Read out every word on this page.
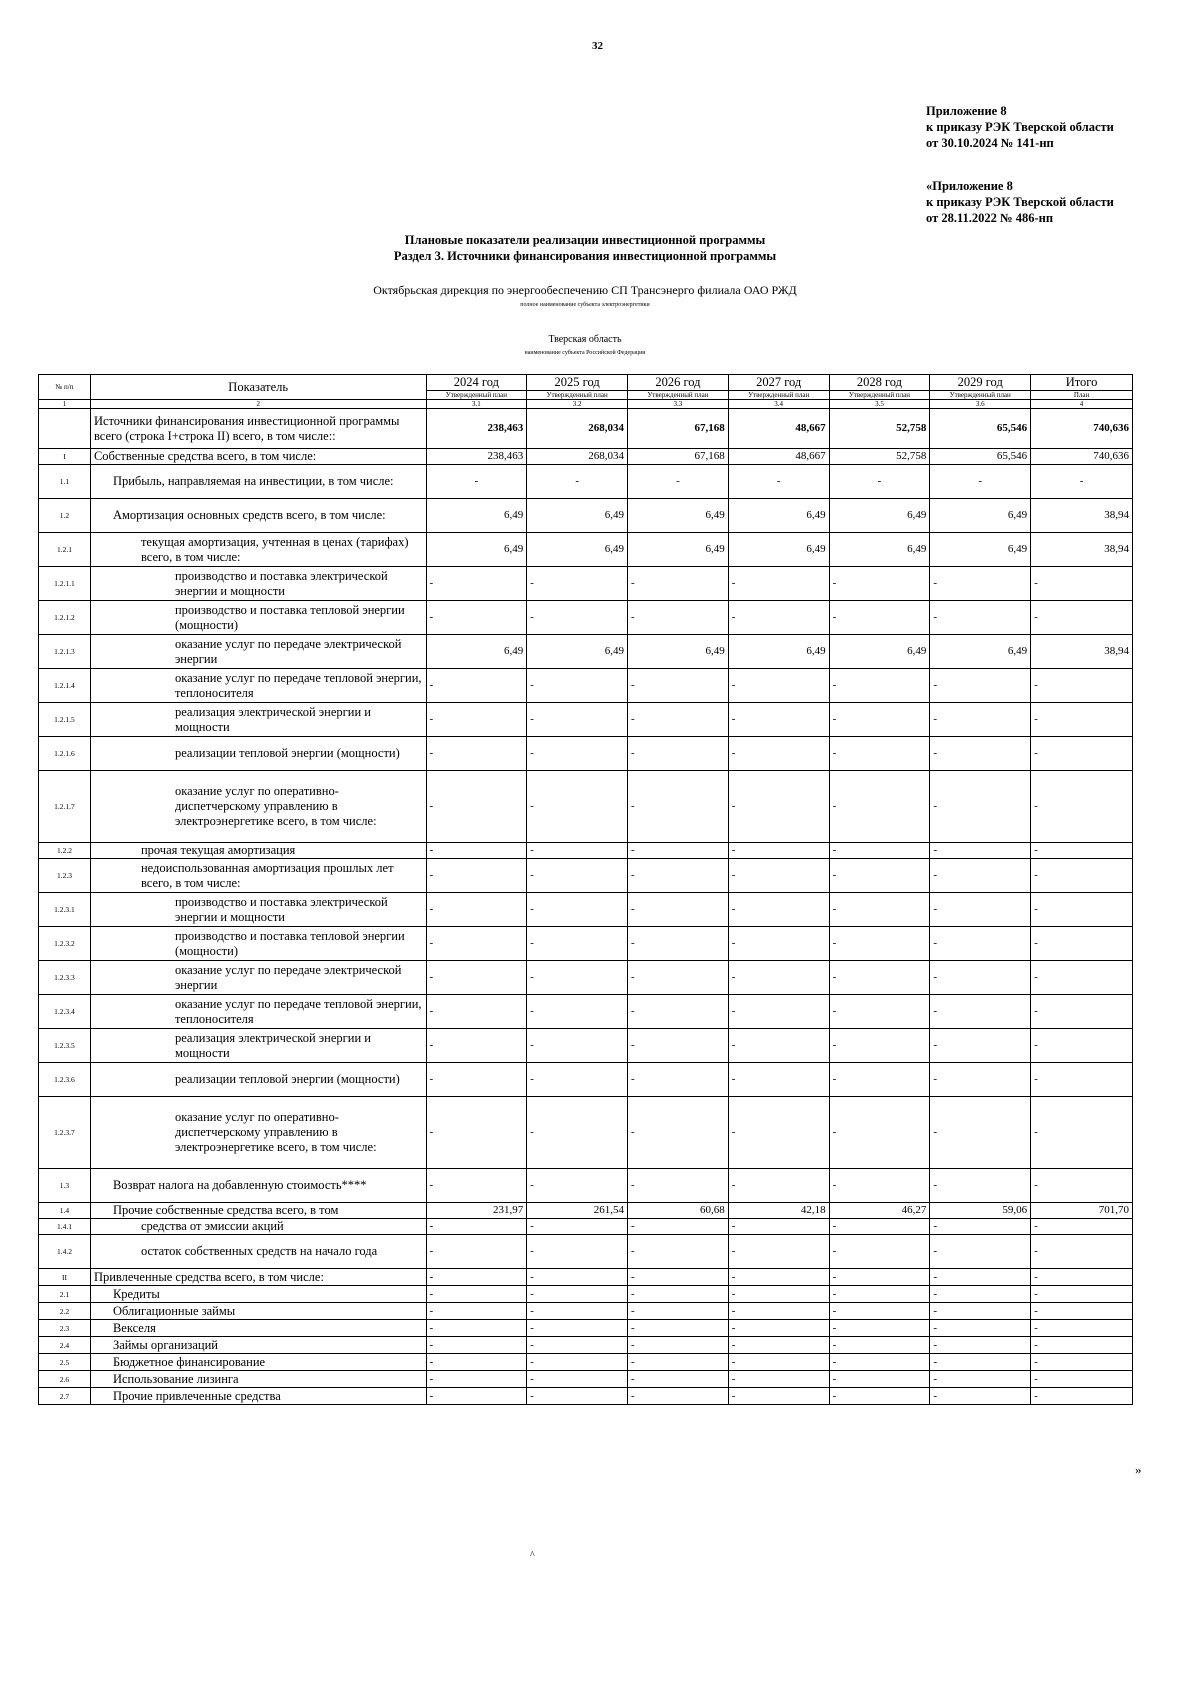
32
Приложение 8
к приказу РЭК Тверской области
от 30.10.2024 № 141-нп
«Приложение 8
к приказу РЭК Тверской области
от 28.11.2022 № 486-нп
Плановые показатели реализации инвестиционной программы
Раздел 3. Источники финансирования инвестиционной программы
Октябрьская дирекция по энергообеспечению СП Трансэнерго филиала ОАО РЖД
полное наименование субъекта электроэнергетики
Тверская область
наименование субъекта Российской Федерации
№ п/п	Показатель	2024 год	2025 год	2026 год	2027 год	2028 год	2029 год	Итого
		Утвержденный план	Утвержденный план	Утвержденный план	Утвержденный план	Утвержденный план	Утвержденный план	План
1	2	3.1	3.2	3.3	3.4	3.5	3.6	4
	Источники финансирования инвестиционной программы всего (строка I+строка II) всего, в том числе::	238,463	268,034	67,168	48,667	52,758	65,546	740,636
I	Собственные средства всего, в том числе:	238,463	268,034	67,168	48,667	52,758	65,546	740,636
1.1	Прибыль, направляемая на инвестиции, в том числе:	-	-	-	-	-	-	-
1.2	Амортизация основных средств всего, в том числе:	6,49	6,49	6,49	6,49	6,49	6,49	38,94
1.2.1	текущая амортизация, учтенная в ценах (тарифах) всего, в том числе:	6,49	6,49	6,49	6,49	6,49	6,49	38,94
1.2.1.1	производство и поставка электрической энергии и мощности	-	-	-	-	-	-	-
1.2.1.2	производство и поставка тепловой энергии (мощности)	-	-	-	-	-	-	-
1.2.1.3	оказание услуг по передаче электрической энергии	6,49	6,49	6,49	6,49	6,49	6,49	38,94
1.2.1.4	оказание услуг по передаче тепловой энергии, теплоносителя	-	-	-	-	-	-	-
1.2.1.5	реализация электрической энергии и мощности	-	-	-	-	-	-	-
1.2.1.6	реализации тепловой энергии (мощности)	-	-	-	-	-	-	-
1.2.1.7	оказание услуг по оперативно-диспетчерскому управлению в электроэнергетике всего, в том числе:	-	-	-	-	-	-	-
1.2.2	прочая текущая амортизация	-	-	-	-	-	-	-
1.2.3	недоиспользованная амортизация прошлых лет всего, в том числе:	-	-	-	-	-	-	-
1.2.3.1	производство и поставка электрической энергии и мощности	-	-	-	-	-	-	-
1.2.3.2	производство и поставка тепловой энергии (мощности)	-	-	-	-	-	-	-
1.2.3.3	оказание услуг по передаче электрической энергии	-	-	-	-	-	-	-
1.2.3.4	оказание услуг по передаче тепловой энергии, теплоносителя	-	-	-	-	-	-	-
1.2.3.5	реализация электрической энергии и мощности	-	-	-	-	-	-	-
1.2.3.6	реализации тепловой энергии (мощности)	-	-	-	-	-	-	-
1.2.3.7	оказание услуг по оперативно-диспетчерскому управлению в электроэнергетике всего, в том числе:	-	-	-	-	-	-	-
1.3	Возврат налога на добавленную стоимость****	-	-	-	-	-	-	-
1.4	Прочие собственные средства всего, в том	231,97	261,54	60,68	42,18	46,27	59,06	701,70
1.4.1	средства от эмиссии акций	-	-	-	-	-	-	-
1.4.2	остаток собственных средств на начало года	-	-	-	-	-	-	-
II	Привлеченные средства всего, в том числе:	-	-	-	-	-	-	-
2.1	Кредиты	-	-	-	-	-	-	-
2.2	Облигационные займы	-	-	-	-	-	-	-
2.3	Векселя	-	-	-	-	-	-	-
2.4	Займы организаций	-	-	-	-	-	-	-
2.5	Бюджетное финансирование	-	-	-	-	-	-	-
2.6	Использование лизинга	-	-	-	-	-	-	-
2.7	Прочие привлеченные средства	-	-	-	-	-	-	-
»
^
